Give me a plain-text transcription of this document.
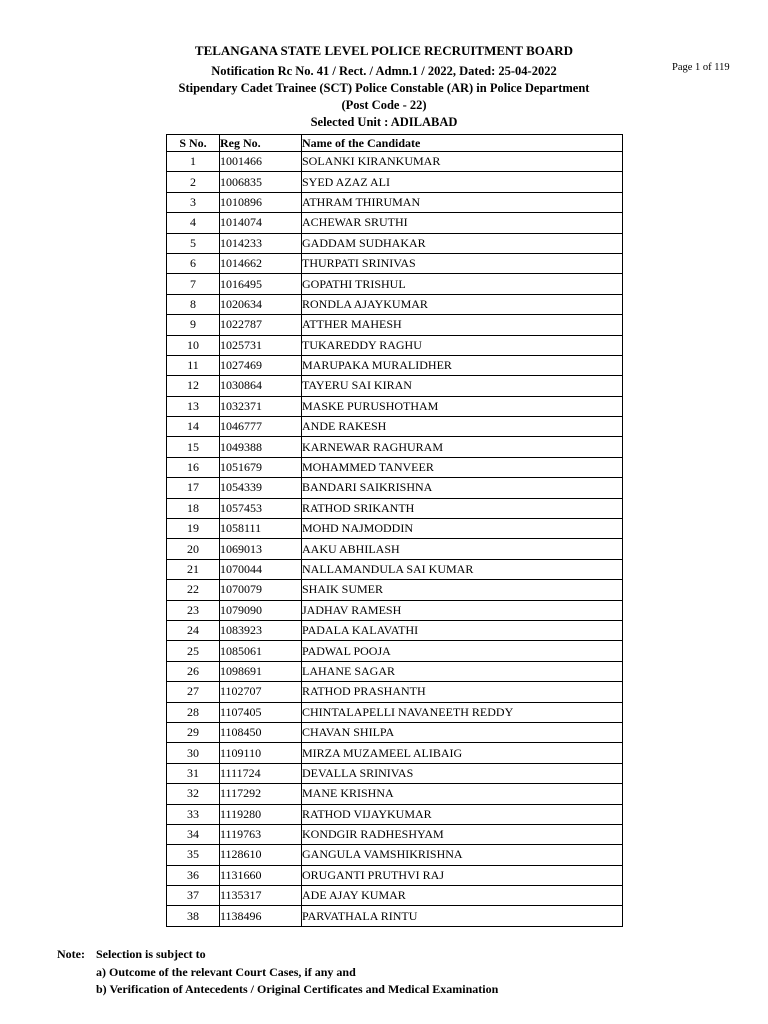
TELANGANA STATE LEVEL POLICE RECRUITMENT BOARD
Notification Rc No. 41 / Rect. / Admn.1 / 2022, Dated: 25-04-2022
Stipendary Cadet Trainee (SCT) Police Constable (AR) in Police Department
(Post Code - 22)
Selected Unit : ADILABAD
Page 1 of 119
S No.	Reg No.	Name of the Candidate
1	1001466	SOLANKI KIRANKUMAR
2	1006835	SYED AZAZ ALI
3	1010896	ATHRAM THIRUMAN
4	1014074	ACHEWAR SRUTHI
5	1014233	GADDAM SUDHAKAR
6	1014662	THURPATI SRINIVAS
7	1016495	GOPATHI TRISHUL
8	1020634	RONDLA AJAYKUMAR
9	1022787	ATTHER MAHESH
10	1025731	TUKAREDDY RAGHU
11	1027469	MARUPAKA MURALIDHER
12	1030864	TAYERU SAI KIRAN
13	1032371	MASKE PURUSHOTHAM
14	1046777	ANDE RAKESH
15	1049388	KARNEWAR RAGHURAM
16	1051679	MOHAMMED TANVEER
17	1054339	BANDARI SAIKRISHNA
18	1057453	RATHOD SRIKANTH
19	1058111	MOHD NAJMODDIN
20	1069013	AAKU ABHILASH
21	1070044	NALLAMANDULA SAI KUMAR
22	1070079	SHAIK SUMER
23	1079090	JADHAV RAMESH
24	1083923	PADALA KALAVATHI
25	1085061	PADWAL POOJA
26	1098691	LAHANE SAGAR
27	1102707	RATHOD PRASHANTH
28	1107405	CHINTALAPELLI NAVANEETH REDDY
29	1108450	CHAVAN SHILPA
30	1109110	MIRZA MUZAMEEL ALIBAIG
31	1111724	DEVALLA SRINIVAS
32	1117292	MANE KRISHNA
33	1119280	RATHOD VIJAYKUMAR
34	1119763	KONDGIR RADHESHYAM
35	1128610	GANGULA VAMSHIKRISHNA
36	1131660	ORUGANTI PRUTHVI RAJ
37	1135317	ADE AJAY KUMAR
38	1138496	PARVATHALA RINTU
Note: Selection is subject to
a) Outcome of the relevant Court Cases, if any and
b) Verification of Antecedents / Original Certificates and Medical Examination
